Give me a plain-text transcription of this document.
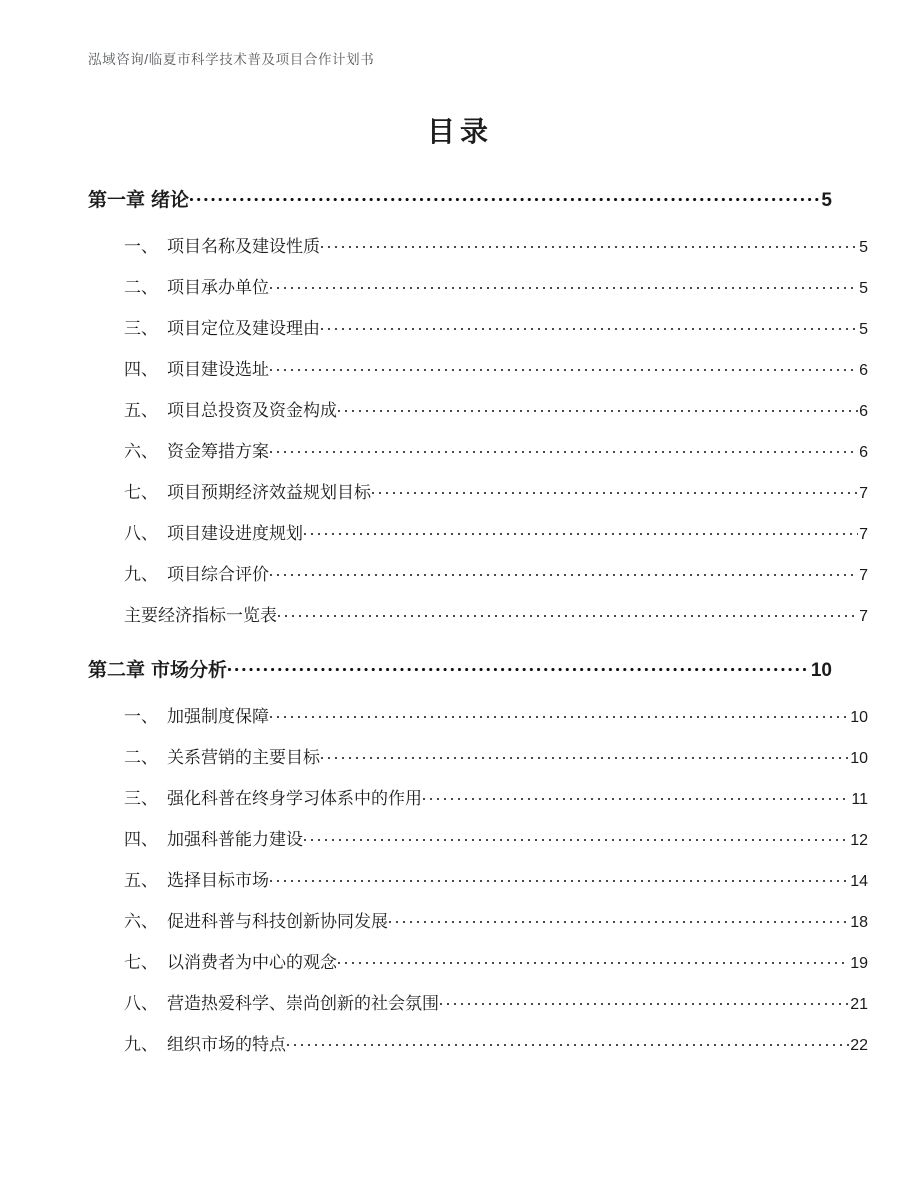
泓域咨询/临夏市科学技术普及项目合作计划书
目录
第一章 绪论	5
一、 项目名称及建设性质	5
二、 项目承办单位	5
三、 项目定位及建设理由	5
四、 项目建设选址	6
五、 项目总投资及资金构成	6
六、 资金筹措方案	6
七、 项目预期经济效益规划目标	7
八、 项目建设进度规划	7
九、 项目综合评价	7
主要经济指标一览表	7
第二章 市场分析	10
一、 加强制度保障	10
二、 关系营销的主要目标	10
三、 强化科普在终身学习体系中的作用	11
四、 加强科普能力建设	12
五、 选择目标市场	14
六、 促进科普与科技创新协同发展	18
七、 以消费者为中心的观念	19
八、 营造热爱科学、崇尚创新的社会氛围	21
九、 组织市场的特点	22
